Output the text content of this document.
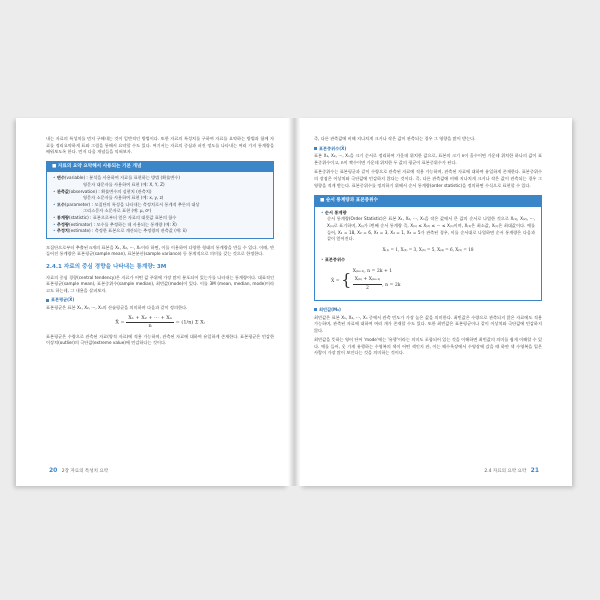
내는 자료의 특성치를 먼저 구해내는 것이 일반적인 방법이다. 또한 자료의 특성치를 구하여 자료를 요약하는 방법과 함께 자료를 정리요약하게 표와 그림을 통해서 요약할 수도 있다. 여기서는 자료의 중심과 퍼진 정도를 나타내는 여러 가지 통계량을 배워보도록 한다. 먼저 다음 개념들을 익혀보자.

■ 자료의 요약 요약해서 사용되는 기본 개념

• 변수(variable) : 분석을 사용하여 자료를 표현하는 방법 (확률변수)

영문자 대문자를 사용하여 표현 (예: X, Y, Z)

• 관측값(observation) : 확률변수의 실현치 (관측치)

영문자 소문자를 사용하여 표현 (예: x, y, z)

• 모수(parameter) : 모집단의 특성을 나타내는 측정치로서 통계적 추론의 대상

그리스문자 소문자로 표현 (예: μ, σ²)

• 통계량(statistic) : 표본으로부터 얻은 자료의 대푯값 표본의 함수

• 추정량(estimator) : 모수를 추정하는 데 사용되는 통계량 (예: X̄)

• 추정치(estimate) : 측정한 표본으로 계산되는 추정량의 관측값 (예: x̄)

모집단으로부터 추출된 n개의 표본을 X₁, X₂, ···, Xₙ이라 하면, 이를 이용하여 다양한 형태의 통계량을 만들 수 있다. 이때, 만들어진 통계량은 표본평균(sample mean), 표본분산(sample variance) 등 통계적으로 의미를 갖는 것으로 한정한다.

2.4.1 자료의 중심 경향을 나타내는 통계량: 3M

자료의 중심 경향(central tendency)은 자료가 어떤 값 주위에 가장 많이 분포되어 있는가를 나타내는 통계량이다. 대표적인 표본평균(sample mean), 표본중위수(sample median), 최빈값(mode)이 있다. 이를 3M (mean, median, mode)이라고도 하는데, 그 내용을 살펴보자.

표본평균(X̄)

표본평균은 표본 X₁, X₂, ···, Xₙ의 산술평균을 의미하며 다음과 같이 정의한다.

X̄ = $\frac{\text{X₁ + X₂ + ··· + Xₙ}}{n} = (1/n)$ Σ Xᵢ

표본평균은 수량으로 관측된 자료(양적 자료)에 적용 가능하며, 관측된 자료에 대하여 유일하게 존재한다. 표본평균은 민감한 이상치(outlier)의 극단값(extreme value)에 민감하다는 것이다.

20 2장 자료의 특성치 요약

즉, 다른 관측값에 비해 지나치게 크거나 작은 값이 관측되는 경우 그 영향을 많이 받는다.

표본중위수(X̃)

표본 X₁, X₂, ···, Xₙ을 크기 순서로 정리하여 가운데 위치한 값으로, 표본의 크기 n이 홀수이면 가운데 위치한 하나의 값이 표본중위수이고, n이 짝수이면 가운데 위치한 두 값의 평균이 표본중위수가 된다.

표본중위수는 표본평균과 같이 수량으로 관측된 자료에 적용 가능하며, 관측된 자료에 대하여 유일하게 존재한다. 표본중위수의 장점은 이상치와 극단값에 민감하지 않다는 것이다. 즉, 다른 관측값에 비해 지나치게 크거나 작은 값이 관측되는 경우 그 영향을 적게 받는다. 표본중위수를 정의하기 위해서 순서 통계량(order statistic)을 정의하면 수식으로 표현할 수 있다.

■ 순서 통계량과 표본중위수

• 순서 통계량

순서 통계량(Order Statistic)은 표본 X₁, X₂, ···, Xₙ을 작은 값에서 큰 값의 순서로 나열한 것으로 X₍₁₎, X₍₂₎, ···, X₍ₙ₎로 표기하며, X₍ᵢ₎가 i번째 순서 통계량 즉, X₍₁₎ ≤ X₍₂₎ ≤ ··· ≤ X₍ₙ₎이며, X₍₁₎은 최소값, X₍ₙ₎은 최대값이다. 예를 들어, X₁ = 18, X₂ = 6, X₃ = 3, X₄ = 1, X₅ = 5가 관측된 경우, 이를 순서대로 나열하면 순서 통계량은 다음과 같이 얻어진다.

X₍₁₎ = 1, X₍₂₎ = 3, X₍₃₎ = 5, X₍₄₎ = 6, X₍₅₎ = 18

• 표본중위수

X̃ = { X₍ₖ₊₁₎, n = 2k + 1

$\frac{\text{X₍ₖ₎ + X₍ₖ₊₁₎}}{2}$ , n = 2k
최빈값(M₀)

최빈값은 표본 X₁, X₂, ···, Xₙ 중에서 관측 빈도가 가장 높은 값을 의미한다. 최빈값은 수량으로 관측되지 않은 자료에도 적용가능하며, 관측된 자료에 대하여 여러 개가 존재할 수도 있다. 또한 최빈값은 표본평균이나 같이 이상치와 극단값에 민감하지 않다.

최빈값을 뜻하는 영어 단어 'mode'에는 '유행'이라는 의미도 포함되어 있는 것을 이해하면 최빈값의 의미를 쉽게 이해할 수 있다. 예를 들어, 옷 가게 유행하는 수영복의 색이 어떤 색인지 관, 이는 해수욕장에서 수영장에 갔을 때 하얀 색 수영복을 입은 사람이 가장 많이 보인다는 것을 의미하는 것이다.

2.4 자료의 요약 요약 21
